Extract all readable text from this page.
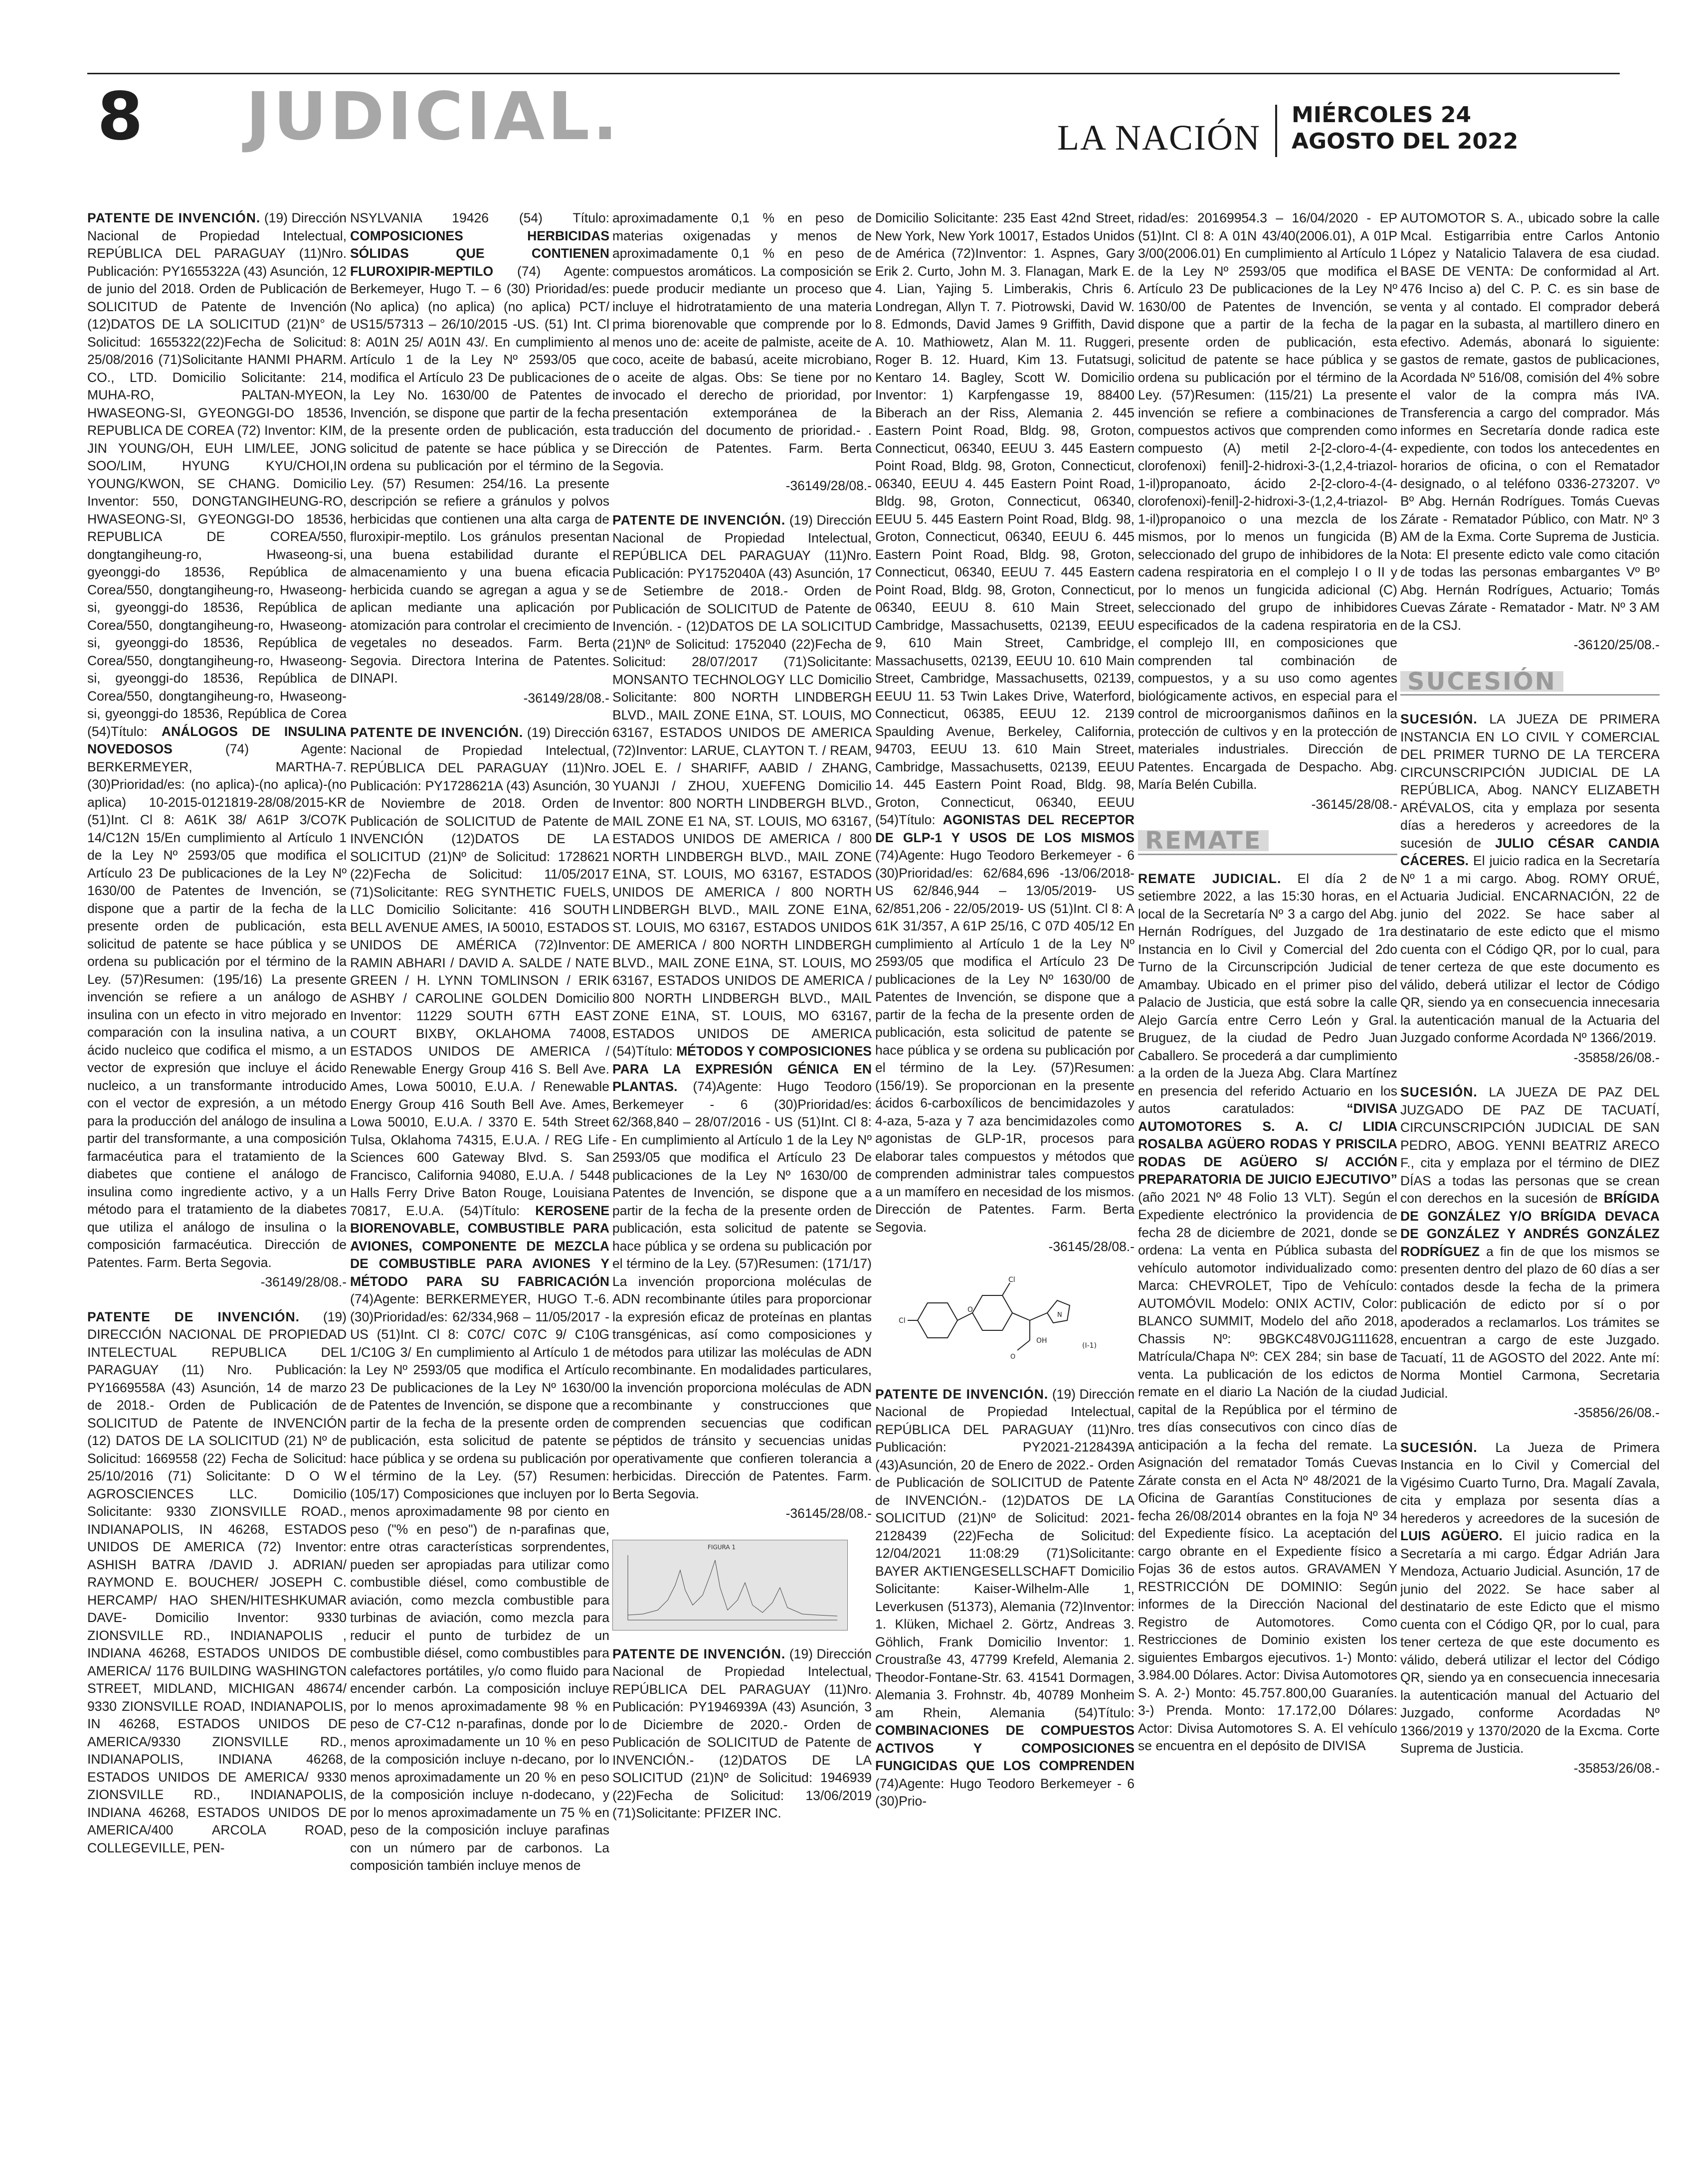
8 JUDICIAL.	LA NACIÓN
MIÉRCOLES 24
AGOSTO DEL 2022

PATENTE DE INVENCIÓN. (19) Dirección Nacional de Propiedad Intelectual, REPÚBLICA DEL PARAGUAY (11)Nro. Publicación: PY1655322A (43) Asunción, 12 de junio del 2018. Orden de Publicación de SOLICITUD de Patente de Invención (12)DATOS DE LA SOLICITUD (21)N° de Solicitud: 1655322(22)Fecha de Solicitud: 25/08/2016 (71)Solicitante HANMI PHARM. CO., LTD. Domicilio Solicitante: 214, MUHA-RO, PALTAN-MYEON, HWASEONG-SI, GYEONGGI-DO 18536, REPUBLICA DE COREA (72) Inventor: KIM, JIN YOUNG/OH, EUH LIM/LEE, JONG SOO/LIM, HYUNG KYU/CHOI,IN YOUNG/KWON, SE CHANG. Domicilio Inventor: 550, DONGTANGIHEUNG-RO, HWASEONG-SI, GYEONGGI-DO 18536, REPUBLICA DE COREA/550, dongtangiheung-ro, Hwaseong-si, gyeonggi-do 18536, República de Corea/550, dongtangiheung-ro, Hwaseong-si, gyeonggi-do 18536, República de Corea/550, dongtangiheung-ro, Hwaseong-si, gyeonggi-do 18536, República de Corea/550, dongtangiheung-ro, Hwaseong-si, gyeonggi-do 18536, República de Corea/550, dongtangiheung-ro, Hwaseong-si, gyeonggi-do 18536, República de Corea (54)Título: ANÁLOGOS DE INSULINA NOVEDOSOS (74) Agente: BERKERMEYER, MARTHA-7. (30)Prioridad/es: (no aplica)-(no aplica)-(no aplica) 10-2015-0121819-28/08/2015-KR (51)Int. Cl 8: A61K 38/ A61P 3/CO7K 14/C12N 15/En cumplimiento al Artículo 1 de la Ley Nº 2593/05 que modifica el Artículo 23 De publicaciones de la Ley Nº 1630/00 de Patentes de Invención, se dispone que a partir de la fecha de la presente orden de publicación, esta solicitud de patente se hace pública y se ordena su publicación por el término de la Ley. (57)Resumen: (195/16) La presente invención se refiere a un análogo de insulina con un efecto in vitro mejorado en comparación con la insulina nativa, a un ácido nucleico que codifica el mismo, a un vector de expresión que incluye el ácido nucleico, a un transformante introducido con el vector de expresión, a un método para la producción del análogo de insulina a partir del transformante, a una composición farmacéutica para el tratamiento de la diabetes que contiene el análogo de insulina como ingrediente activo, y a un método para el tratamiento de la diabetes que utiliza el análogo de insulina o la composición farmacéutica. Dirección de Patentes. Farm. Berta Segovia.
-36149/28/08.-

PATENTE DE INVENCIÓN. (19) DIRECCIÓN NACIONAL DE PROPIEDAD INTELECTUAL REPUBLICA DEL PARAGUAY (11) Nro. Publicación: PY1669558A (43) Asunción, 14 de marzo de 2018.- Orden de Publicación de SOLICITUD de Patente de INVENCIÓN (12) DATOS DE LA SOLICITUD (21) Nº de Solicitud: 1669558 (22) Fecha de Solicitud: 25/10/2016 (71) Solicitante: D O W AGROSCIENCES LLC. Domicilio Solicitante: 9330 ZIONSVILLE ROAD., INDIANAPOLIS, IN 46268, ESTADOS UNIDOS DE AMERICA (72) Inventor: ASHISH BATRA /DAVID J. ADRIAN/ RAYMOND E. BOUCHER/ JOSEPH C. HERCAMP/ HAO SHEN/HITESHKUMAR DAVE- Domicilio Inventor: 9330 ZIONSVILLE RD., INDIANAPOLIS , INDIANA 46268, ESTADOS UNIDOS DE AMERICA/ 1176 BUILDING WASHINGTON STREET, MIDLAND, MICHIGAN 48674/ 9330 ZIONSVILLE ROAD, INDIANAPOLIS, IN 46268, ESTADOS UNIDOS DE AMERICA/9330 ZIONSVILLE RD., INDIANAPOLIS, INDIANA 46268, ESTADOS UNIDOS DE AMERICA/ 9330 ZIONSVILLE RD., INDIANAPOLIS, INDIANA 46268, ESTADOS UNIDOS DE AMERICA/400 ARCOLA ROAD, COLLEGEVILLE, PEN-

NSYLVANIA 19426 (54) Título: COMPOSICIONES HERBICIDAS SÓLIDAS QUE CONTIENEN FLUROXIPIR-MEPTILO (74) Agente: Berkemeyer, Hugo T. – 6 (30) Prioridad/es: (No aplica) (no aplica) (no aplica) PCT/ US15/57313 – 26/10/2015 -US. (51) Int. Cl 8: A01N 25/ A01N 43/. En cumplimiento al Artículo 1 de la Ley Nº 2593/05 que modifica el Artículo 23 De publicaciones de la Ley No. 1630/00 de Patentes de Invención, se dispone que partir de la fecha de la presente orden de publicación, esta solicitud de patente se hace pública y se ordena su publicación por el término de la Ley. (57) Resumen: 254/16. La presente descripción se refiere a gránulos y polvos herbicidas que contienen una alta carga de fluroxipir-meptilo. Los gránulos presentan una buena estabilidad durante el almacenamiento y una buena eficacia herbicida cuando se agregan a agua y se aplican mediante una aplicación por atomización para controlar el crecimiento de vegetales no deseados. Farm. Berta Segovia. Directora Interina de Patentes. DINAPI.
-36149/28/08.-

PATENTE DE INVENCIÓN. (19) Dirección Nacional de Propiedad Intelectual, REPÚBLICA DEL PARAGUAY (11)Nro. Publicación: PY1728621A (43) Asunción, 30 de Noviembre de 2018. Orden de Publicación de SOLICITUD de Patente de INVENCIÓN (12)DATOS DE LA SOLICITUD (21)Nº de Solicitud: 1728621 (22)Fecha de Solicitud: 11/05/2017 (71)Solicitante: REG SYNTHETIC FUELS, LLC Domicilio Solicitante: 416 SOUTH BELL AVENUE AMES, IA 50010, ESTADOS UNIDOS DE AMÉRICA (72)Inventor: RAMIN ABHARI / DAVID A. SALDE / NATE GREEN / H. LYNN TOMLINSON / ERIK ASHBY / CAROLINE GOLDEN Domicilio Inventor: 11229 SOUTH 67TH EAST COURT BIXBY, OKLAHOMA 74008, ESTADOS UNIDOS DE AMERICA / Renewable Energy Group 416 S. Bell Ave. Ames, Lowa 50010, E.U.A. / Renewable Energy Group 416 South Bell Ave. Ames, Lowa 50010, E.U.A. / 3370 E. 54th Street Tulsa, Oklahoma 74315, E.U.A. / REG Life Sciences 600 Gateway Blvd. S. San Francisco, California 94080, E.U.A. / 5448 Halls Ferry Drive Baton Rouge, Louisiana 70817, E.U.A. (54)Título: KEROSENE BIORENOVABLE, COMBUSTIBLE PARA AVIONES, COMPONENTE DE MEZCLA DE COMBUSTIBLE PARA AVIONES Y MÉTODO PARA SU FABRICACIÓN (74)Agente: BERKERMEYER, HUGO T.-6. (30)Prioridad/es: 62/334,968 – 11/05/2017 - US (51)Int. Cl 8: C07C/ C07C 9/ C10G 1/C10G 3/ En cumplimiento al Artículo 1 de la Ley Nº 2593/05 que modifica el Artículo 23 De publicaciones de la Ley Nº 1630/00 de Patentes de Invención, se dispone que a partir de la fecha de la presente orden de publicación, esta solicitud de patente se hace pública y se ordena su publicación por el término de la Ley. (57) Resumen: (105/17) Composiciones que incluyen por lo menos aproximadamente 98 por ciento en peso ("% en peso") de n-parafinas que, entre otras características sorprendentes, pueden ser apropiadas para utilizar como combustible diésel, como combustible de aviación, como mezcla combustible para turbinas de aviación, como mezcla para reducir el punto de turbidez de un combustible diésel, como combustibles para calefactores portátiles, y/o como fluido para encender carbón. La composición incluye por lo menos aproximadamente 98 % en peso de C7-C12 n-parafinas, donde por lo menos aproximadamente un 10 % en peso de la composición incluye n-decano, por lo menos aproximadamente un 20 % en peso de la composición incluye n-dodecano, y por lo menos aproximadamente un 75 % en peso de la composición incluye parafinas con un número par de carbonos. La composición también incluye menos de

aproximadamente 0,1 % en peso de materias oxigenadas y menos de aproximadamente 0,1 % en peso de compuestos aromáticos. La composición se puede producir mediante un proceso que incluye el hidrotratamiento de una materia prima biorenovable que comprende por lo menos uno de: aceite de palmiste, aceite de coco, aceite de babasú, aceite microbiano, o aceite de algas. Obs: Se tiene por no invocado el derecho de prioridad, por presentación extemporánea de la traducción del documento de prioridad.- . Dirección de Patentes. Farm. Berta Segovia.
-36149/28/08.-

PATENTE DE INVENCIÓN. (19) Dirección Nacional de Propiedad Intelectual, REPÚBLICA DEL PARAGUAY (11)Nro. Publicación: PY1752040A (43) Asunción, 17 de Setiembre de 2018.- Orden de Publicación de SOLICITUD de Patente de Invención. - (12)DATOS DE LA SOLICITUD (21)Nº de Solicitud: 1752040 (22)Fecha de Solicitud: 28/07/2017 (71)Solicitante: MONSANTO TECHNOLOGY LLC Domicilio Solicitante: 800 NORTH LINDBERGH BLVD., MAIL ZONE E1NA, ST. LOUIS, MO 63167, ESTADOS UNIDOS DE AMERICA (72)Inventor: LARUE, CLAYTON T. / REAM, JOEL E. / SHARIFF, AABID / ZHANG, YUANJI / ZHOU, XUEFENG Domicilio Inventor: 800 NORTH LINDBERGH BLVD., MAIL ZONE E1 NA, ST. LOUIS, MO 63167, ESTADOS UNIDOS DE AMERICA / 800 NORTH LINDBERGH BLVD., MAIL ZONE E1NA, ST. LOUIS, MO 63167, ESTADOS UNIDOS DE AMERICA / 800 NORTH LINDBERGH BLVD., MAIL ZONE E1NA, ST. LOUIS, MO 63167, ESTADOS UNIDOS DE AMERICA / 800 NORTH LINDBERGH BLVD., MAIL ZONE E1NA, ST. LOUIS, MO 63167, ESTADOS UNIDOS DE AMERICA / 800 NORTH LINDBERGH BLVD., MAIL ZONE E1NA, ST. LOUIS, MO 63167, ESTADOS UNIDOS DE AMERICA (54)Título: MÉTODOS Y COMPOSICIONES PARA LA EXPRESIÓN GÉNICA EN PLANTAS. (74)Agente: Hugo Teodoro Berkemeyer - 6 (30)Prioridad/es: 62/368,840 – 28/07/2016 - US (51)Int. Cl 8: - En cumplimiento al Artículo 1 de la Ley Nº 2593/05 que modifica el Artículo 23 De publicaciones de la Ley Nº 1630/00 de Patentes de Invención, se dispone que a partir de la fecha de la presente orden de publicación, esta solicitud de patente se hace pública y se ordena su publicación por el término de la Ley. (57)Resumen: (171/17) La invención proporciona moléculas de ADN recombinante útiles para proporcionar la expresión eficaz de proteínas en plantas transgénicas, así como composiciones y métodos para utilizar las moléculas de ADN recombinante. En modalidades particulares, la invención proporciona moléculas de ADN recombinante y construcciones que comprenden secuencias que codifican péptidos de tránsito y secuencias unidas operativamente que confieren tolerancia a herbicidas. Dirección de Patentes. Farm. Berta Segovia.
-36145/28/08.-

FIGURA 1

PATENTE DE INVENCIÓN. (19) Dirección Nacional de Propiedad Intelectual, REPÚBLICA DEL PARAGUAY (11)Nro. Publicación: PY1946939A (43) Asunción, 3 de Diciembre de 2020.- Orden de Publicación de SOLICITUD de Patente de INVENCIÓN.- (12)DATOS DE LA SOLICITUD (21)Nº de Solicitud: 1946939 (22)Fecha de Solicitud: 13/06/2019 (71)Solicitante: PFIZER INC.

Domicilio Solicitante: 235 East 42nd Street, New York, New York 10017, Estados Unidos de América (72)Inventor: 1. Aspnes, Gary Erik 2. Curto, John M. 3. Flanagan, Mark E. 4. Lian, Yajing 5. Limberakis, Chris 6. Londregan, Allyn T. 7. Piotrowski, David W. 8. Edmonds, David James 9 Griffith, David A. 10. Mathiowetz, Alan M. 11. Ruggeri, Roger B. 12. Huard, Kim 13. Futatsugi, Kentaro 14. Bagley, Scott W. Domicilio Inventor: 1) Karpfengasse 19, 88400 Biberach an der Riss, Alemania 2. 445 Eastern Point Road, Bldg. 98, Groton, Connecticut, 06340, EEUU 3. 445 Eastern Point Road, Bldg. 98, Groton, Connecticut, 06340, EEUU 4. 445 Eastern Point Road, Bldg. 98, Groton, Connecticut, 06340, EEUU 5. 445 Eastern Point Road, Bldg. 98, Groton, Connecticut, 06340, EEUU 6. 445 Eastern Point Road, Bldg. 98, Groton, Connecticut, 06340, EEUU 7. 445 Eastern Point Road, Bldg. 98, Groton, Connecticut, 06340, EEUU 8. 610 Main Street, Cambridge, Massachusetts, 02139, EEUU 9, 610 Main Street, Cambridge, Massachusetts, 02139, EEUU 10. 610 Main Street, Cambridge, Massachusetts, 02139, EEUU 11. 53 Twin Lakes Drive, Waterford, Connecticut, 06385, EEUU 12. 2139 Spaulding Avenue, Berkeley, California, 94703, EEUU 13. 610 Main Street, Cambridge, Massachusetts, 02139, EEUU 14. 445 Eastern Point Road, Bldg. 98, Groton, Connecticut, 06340, EEUU (54)Título: AGONISTAS DEL RECEPTOR DE GLP-1 Y USOS DE LOS MISMOS (74)Agente: Hugo Teodoro Berkemeyer - 6 (30)Prioridad/es: 62/684,696 -13/06/2018-US 62/846,944 – 13/05/2019- US 62/851,206 - 22/05/2019- US (51)Int. Cl 8: A 61K 31/357, A 61P 25/16, C 07D 405/12 En cumplimiento al Artículo 1 de la Ley Nº 2593/05 que modifica el Artículo 23 De publicaciones de la Ley Nº 1630/00 de Patentes de Invención, se dispone que a partir de la fecha de la presente orden de publicación, esta solicitud de patente se hace pública y se ordena su publicación por el término de la Ley. (57)Resumen: (156/19). Se proporcionan en la presente ácidos 6-carboxílicos de bencimidazoles y 4-aza, 5-aza y 7 aza bencimidazoles como agonistas de GLP-1R, procesos para elaborar tales compuestos y métodos que comprenden administrar tales compuestos a un mamífero en necesidad de los mismos. Dirección de Patentes. Farm. Berta Segovia.
-36145/28/08.-

Cl
O
Cl
OH
N
O
(I-1)

PATENTE DE INVENCIÓN. (19) Dirección Nacional de Propiedad Intelectual, REPÚBLICA DEL PARAGUAY (11)Nro. Publicación: PY2021-2128439A (43)Asunción, 20 de Enero de 2022.- Orden de Publicación de SOLICITUD de Patente de INVENCIÓN.- (12)DATOS DE LA SOLICITUD (21)Nº de Solicitud: 2021-2128439 (22)Fecha de Solicitud: 12/04/2021 11:08:29 (71)Solicitante: BAYER AKTIENGESELLSCHAFT Domicilio Solicitante: Kaiser-Wilhelm-Alle 1, Leverkusen (51373), Alemania (72)Inventor: 1. Klüken, Michael 2. Görtz, Andreas 3. Göhlich, Frank Domicilio Inventor: 1. Croustraße 43, 47799 Krefeld, Alemania 2. Theodor-Fontane-Str. 63. 41541 Dormagen, Alemania 3. Frohnstr. 4b, 40789 Monheim am Rhein, Alemania (54)Título: COMBINACIONES DE COMPUESTOS ACTIVOS Y COMPOSICIONES FUNGICIDAS QUE LOS COMPRENDEN (74)Agente: Hugo Teodoro Berkemeyer - 6 (30)Prio-

ridad/es: 20169954.3 – 16/04/2020 - EP (51)Int. Cl 8: A 01N 43/40(2006.01), A 01P 3/00(2006.01) En cumplimiento al Artículo 1 de la Ley Nº 2593/05 que modifica el Artículo 23 De publicaciones de la Ley Nº 1630/00 de Patentes de Invención, se dispone que a partir de la fecha de la presente orden de publicación, esta solicitud de patente se hace pública y se ordena su publicación por el término de la Ley. (57)Resumen: (115/21) La presente invención se refiere a combinaciones de compuestos activos que comprenden como compuesto (A) metil 2-[2-cloro-4-(4-clorofenoxi) fenil]-2-hidroxi-3-(1,2,4-triazol-1-il)propanoato, ácido 2-[2-cloro-4-(4-clorofenoxi)-fenil]-2-hidroxi-3-(1,2,4-triazol-1-il)propanoico o una mezcla de los mismos, por lo menos un fungicida (B) seleccionado del grupo de inhibidores de la cadena respiratoria en el complejo I o II y por lo menos un fungicida adicional (C) seleccionado del grupo de inhibidores especificados de la cadena respiratoria en el complejo III, en composiciones que comprenden tal combinación de compuestos, y a su uso como agentes biológicamente activos, en especial para el control de microorganismos dañinos en la protección de cultivos y en la protección de materiales industriales. Dirección de Patentes. Encargada de Despacho. Abg. María Belén Cubilla.
-36145/28/08.-

REMATE

REMATE JUDICIAL. El día 2 de setiembre 2022, a las 15:30 horas, en el local de la Secretaría Nº 3 a cargo del Abg. Hernán Rodrígues, del Juzgado de 1ra Instancia en lo Civil y Comercial del 2do Turno de la Circunscripción Judicial de Amambay. Ubicado en el primer piso del Palacio de Justicia, que está sobre la calle Alejo García entre Cerro León y Gral. Bruguez, de la ciudad de Pedro Juan Caballero. Se procederá a dar cumplimiento a la orden de la Jueza Abg. Clara Martínez en presencia del referido Actuario en los autos caratulados: “DIVISA AUTOMOTORES S. A. C/ LIDIA ROSALBA AGÜERO RODAS Y PRISCILA RODAS DE AGÜERO S/ ACCIÓN PREPARATORIA DE JUICIO EJECUTIVO” (año 2021 Nº 48 Folio 13 VLT). Según el Expediente electrónico la providencia de fecha 28 de diciembre de 2021, donde se ordena: La venta en Pública subasta del vehículo automotor individualizado como: Marca: CHEVROLET, Tipo de Vehículo: AUTOMÓVIL Modelo: ONIX ACTIV, Color: BLANCO SUMMIT, Modelo del año 2018, Chassis Nº: 9BGKC48V0JG111628, Matrícula/Chapa Nº: CEX 284; sin base de venta. La publicación de los edictos de remate en el diario La Nación de la ciudad capital de la República por el término de tres días consecutivos con cinco días de anticipación a la fecha del remate. La Asignación del rematador Tomás Cuevas Zárate consta en el Acta Nº 48/2021 de la Oficina de Garantías Constituciones de fecha 26/08/2014 obrantes en la foja Nº 34 del Expediente físico. La aceptación del cargo obrante en el Expediente físico a Fojas 36 de estos autos. GRAVAMEN Y RESTRICCIÓN DE DOMINIO: Según informes de la Dirección Nacional del Registro de Automotores. Como Restricciones de Dominio existen los siguientes Embargos ejecutivos. 1-) Monto: 3.984.00 Dólares. Actor: Divisa Automotores S. A. 2-) Monto: 45.757.800,00 Guaraníes. 3-) Prenda. Monto: 17.172,00 Dólares: Actor: Divisa Automotores S. A. El vehículo se encuentra en el depósito de DIVISA

AUTOMOTOR S. A., ubicado sobre la calle Mcal. Estigarribia entre Carlos Antonio López y Natalicio Talavera de esa ciudad. BASE DE VENTA: De conformidad al Art. 476 Inciso a) del C. P. C. es sin base de venta y al contado. El comprador deberá pagar en la subasta, al martillero dinero en efectivo. Además, abonará lo siguiente: gastos de remate, gastos de publicaciones, Acordada Nº 516/08, comisión del 4% sobre el valor de la compra más IVA. Transferencia a cargo del comprador. Más informes en Secretaría donde radica este expediente, con todos los antecedentes en horarios de oficina, o con el Rematador designado, o al teléfono 0336-273207. Vº Bº Abg. Hernán Rodrígues. Tomás Cuevas Zárate - Rematador Público, con Matr. Nº 3 AM de la Exma. Corte Suprema de Justicia. Nota: El presente edicto vale como citación de todas las personas embargantes Vº Bº Abg. Hernán Rodrígues, Actuario; Tomás Cuevas Zárate - Rematador - Matr. Nº 3 AM de la CSJ.
-36120/25/08.-

SUCESIÓN

SUCESIÓN. LA JUEZA DE PRIMERA INSTANCIA EN LO CIVIL Y COMERCIAL DEL PRIMER TURNO DE LA TERCERA CIRCUNSCRIPCIÓN JUDICIAL DE LA REPÚBLICA, Abog. NANCY ELIZABETH ARÉVALOS, cita y emplaza por sesenta días a herederos y acreedores de la sucesión de JULIO CÉSAR CANDIA CÁCERES. El juicio radica en la Secretaría Nº 1 a mi cargo. Abog. ROMY ORUÉ, Actuaria Judicial. ENCARNACIÓN, 22 de junio del 2022. Se hace saber al destinatario de este edicto que el mismo cuenta con el Código QR, por lo cual, para tener certeza de que este documento es válido, deberá utilizar el lector de Código QR, siendo ya en consecuencia innecesaria la autenticación manual de la Actuaria del Juzgado conforme Acordada Nº 1366/2019.
-35858/26/08.-

SUCESIÓN. LA JUEZA DE PAZ DEL JUZGADO DE PAZ DE TACUATÍ, CIRCUNSCRIPCIÓN JUDICIAL DE SAN PEDRO, ABOG. YENNI BEATRIZ ARECO F., cita y emplaza por el término de DIEZ DÍAS a todas las personas que se crean con derechos en la sucesión de BRÍGIDA DE GONZÁLEZ Y/O BRÍGIDA DEVACA DE GONZÁLEZ Y ANDRÉS GONZÁLEZ RODRÍGUEZ a fin de que los mismos se presenten dentro del plazo de 60 días a ser contados desde la fecha de la primera publicación de edicto por sí o por apoderados a reclamarlos. Los trámites se encuentran a cargo de este Juzgado. Tacuatí, 11 de AGOSTO del 2022. Ante mí: Norma Montiel Carmona, Secretaria Judicial.
-35856/26/08.-

SUCESIÓN. La Jueza de Primera Instancia en lo Civil y Comercial del Vigésimo Cuarto Turno, Dra. Magalí Zavala, cita y emplaza por sesenta días a herederos y acreedores de la sucesión de LUIS AGÜERO. El juicio radica en la Secretaría a mi cargo. Édgar Adrián Jara Mendoza, Actuario Judicial. Asunción, 17 de junio del 2022. Se hace saber al destinatario de este Edicto que el mismo cuenta con el Código QR, por lo cual, para tener certeza de que este documento es válido, deberá utilizar el lector del Código QR, siendo ya en consecuencia innecesaria la autenticación manual del Actuario del Juzgado, conforme Acordadas Nº 1366/2019 y 1370/2020 de la Excma. Corte Suprema de Justicia.
-35853/26/08.-
